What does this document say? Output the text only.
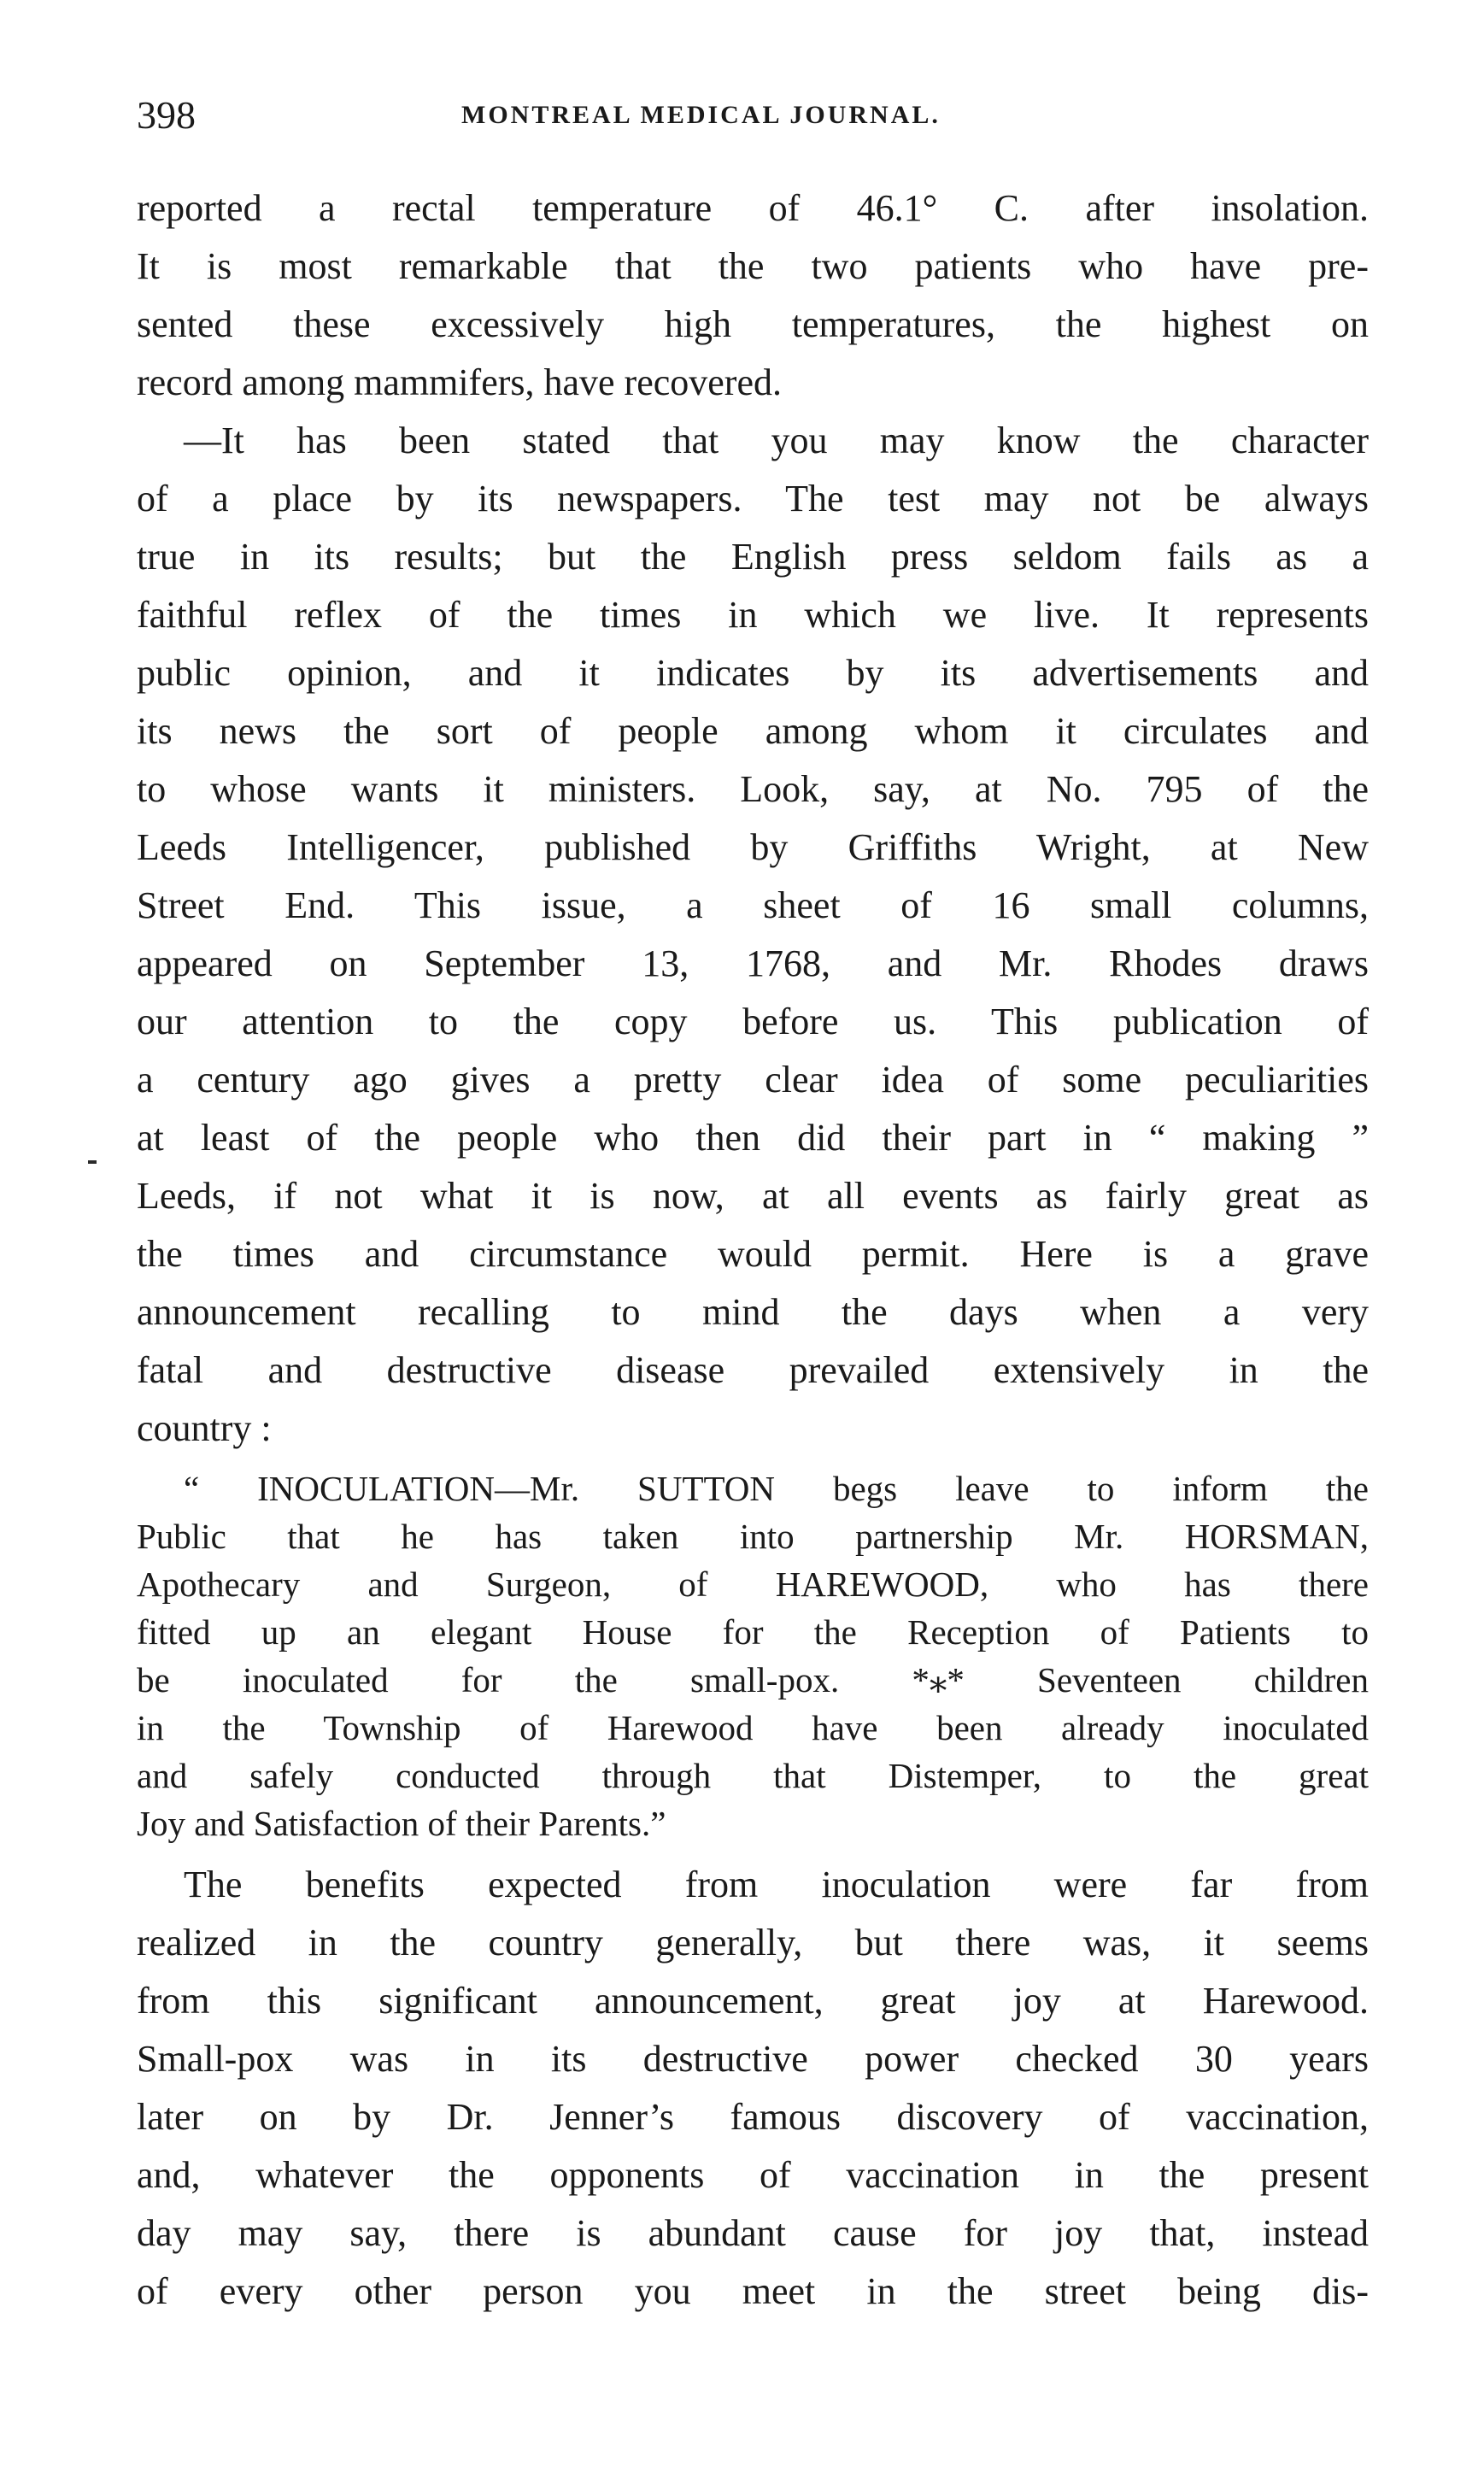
398	MONTREAL MEDICAL JOURNAL.
reported a rectal temperature of 46.1° C. after insolation.
It is most remarkable that the two patients who have pre-
sented these excessively high temperatures, the highest on
record among mammifers, have recovered.
—It has been stated that you may know the character
of a place by its newspapers. The test may not be always
true in its results; but the English press seldom fails as a
faithful reflex of the times in which we live. It represents
public opinion, and it indicates by its advertisements and
its news the sort of people among whom it circulates and
to whose wants it ministers. Look, say, at No. 795 of the
Leeds Intelligencer, published by Griffiths Wright, at New
Street End. This issue, a sheet of 16 small columns,
appeared on September 13, 1768, and Mr. Rhodes draws
our attention to the copy before us. This publication of
a century ago gives a pretty clear idea of some peculiarities
at least of the people who then did their part in “ making ”
Leeds, if not what it is now, at all events as fairly great as
the times and circumstance would permit. Here is a grave
announcement recalling to mind the days when a very
fatal and destructive disease prevailed extensively in the
country :
“ INOCULATION—Mr. SUTTON begs leave to inform the
Public that he has taken into partnership Mr. HORSMAN,
Apothecary and Surgeon, of HAREWOOD, who has there
fitted up an elegant House for the Reception of Patients to
be inoculated for the small-pox. *⁎* Seventeen children
in the Township of Harewood have been already inoculated
and safely conducted through that Distemper, to the great
Joy and Satisfaction of their Parents.”
The benefits expected from inoculation were far from
realized in the country generally, but there was, it seems
from this significant announcement, great joy at Harewood.
Small-pox was in its destructive power checked 30 years
later on by Dr. Jenner’s famous discovery of vaccination,
and, whatever the opponents of vaccination in the present
day may say, there is abundant cause for joy that, instead
of every other person you meet in the street being dis-
